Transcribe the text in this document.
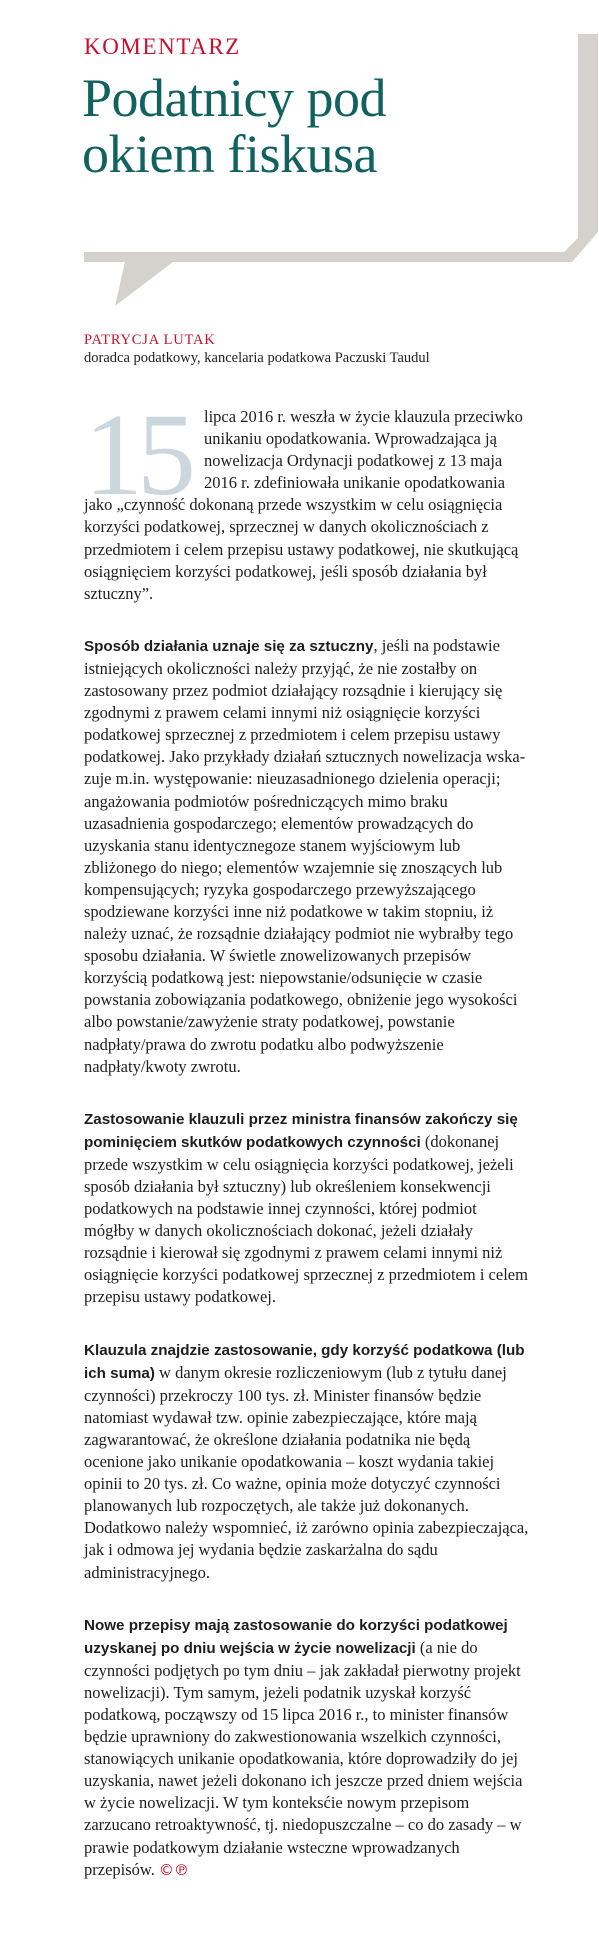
KOMENTARZ
Podatnicy pod
okiem fiskusa
PATRYCJA LUTAK
doradca podatkowy, kancelaria podatkowa Paczuski Taudul

15 lipca 2016 r. weszła w życie klauzula przeciwko unikaniu opodatkowania. Wprowadzająca ją nowelizacja Ordynacji podatkowej z 13 maja 2016 r. zdefiniowała unikanie opodatkowania jako „czynność dokonaną przede wszystkim w celu osiągnięcia korzyści podatkowej, sprzecznej w danych okolicznościach z przedmiotem i celem przepisu ustawy podatkowej, nie skutkującą osiągnięciem korzyści podatkowej, jeśli sposób działania był sztuczny”.

Sposób działania uznaje się za sztuczny, jeśli na podstawie istniejących okoliczności należy przyjąć, że nie zostałby on zastosowany przez podmiot działający rozsądnie i kierujący się zgodnymi z prawem celami innymi niż osiągnięcie korzyści podatkowej sprzecznej z przedmiotem i celem przepisu ustawy podatkowej. Jako przykłady działań sztucznych nowelizacja wskazuje m.in. występowanie: nieuzasadnionego dzielenia operacji; angażowania podmiotów pośredniczących mimo braku uzasadnienia gospodarczego; elementów prowadzących do uzyskania stanu identycznegoze stanem wyjściowym lub zbliżonego do niego; elementów wzajemnie się znoszących lub kompensujących; ryzyka gospodarczego przewyższającego spodziewane korzyści inne niż podatkowe w takim stopniu, iż należy uznać, że rozsądnie działający podmiot nie wybrałby tego sposobu działania. W świetle znowelizowanych przepisów korzyścią podatkową jest: niepowstanie/odsunięcie w czasie powstania zobowiązania podatkowego, obniżenie jego wysokości albo powstanie/zawyżenie straty podatkowej, powstanie nadpłaty/prawa do zwrotu podatku albo podwyższenie nadpłaty/kwoty zwrotu.

Zastosowanie klauzuli przez ministra finansów zakończy się pominięciem skutków podatkowych czynności (dokonanej przede wszystkim w celu osiągnięcia korzyści podatkowej, jeżeli sposób działania był sztuczny) lub określeniem konsekwencji podatkowych na podstawie innej czynności, której podmiot mógłby w danych okolicznościach dokonać, jeżeli działały rozsądnie i kierował się zgodnymi z prawem celami innymi niż osiągnięcie korzyści podatkowej sprzecznej z przedmiotem i celem przepisu ustawy podatkowej.

Klauzula znajdzie zastosowanie, gdy korzyść podatkowa (lub ich suma) w danym okresie rozliczeniowym (lub z tytułu danej czynności) przekroczy 100 tys. zł. Minister finansów będzie natomiast wydawał tzw. opinie zabezpieczające, które mają zagwarantować, że określone działania podatnika nie będą ocenione jako unikanie opodatkowania – koszt wydania takiej opinii to 20 tys. zł. Co ważne, opinia może dotyczyć czynności planowanych lub rozpoczętych, ale także już dokonanych. Dodatkowo należy wspomnieć, iż zarówno opinia zabezpieczająca, jak i odmowa jej wydania będzie zaskarżalna do sądu administracyjnego.

Nowe przepisy mają zastosowanie do korzyści podatkowej uzyskanej po dniu wejścia w życie nowelizacji (a nie do czynności podjętych po tym dniu – jak zakładał pierwotny projekt nowelizacji). Tym samym, jeżeli podatnik uzyskał korzyść podatkową, począwszy od 15 lipca 2016 r., to minister finansów będzie uprawniony do zakwestionowania wszelkich czynności, stanowiących unikanie opodatkowania, które doprowadziły do jej uzyskania, nawet jeżeli dokonano ich jeszcze przed dniem wejścia w życie nowelizacji. W tym konteksćie nowym przepisom zarzucano retroaktywność, tj. niedopuszczalne – co do zasady – w prawie podatkowym działanie wsteczne wprowadzanych przepisów. ©℗
